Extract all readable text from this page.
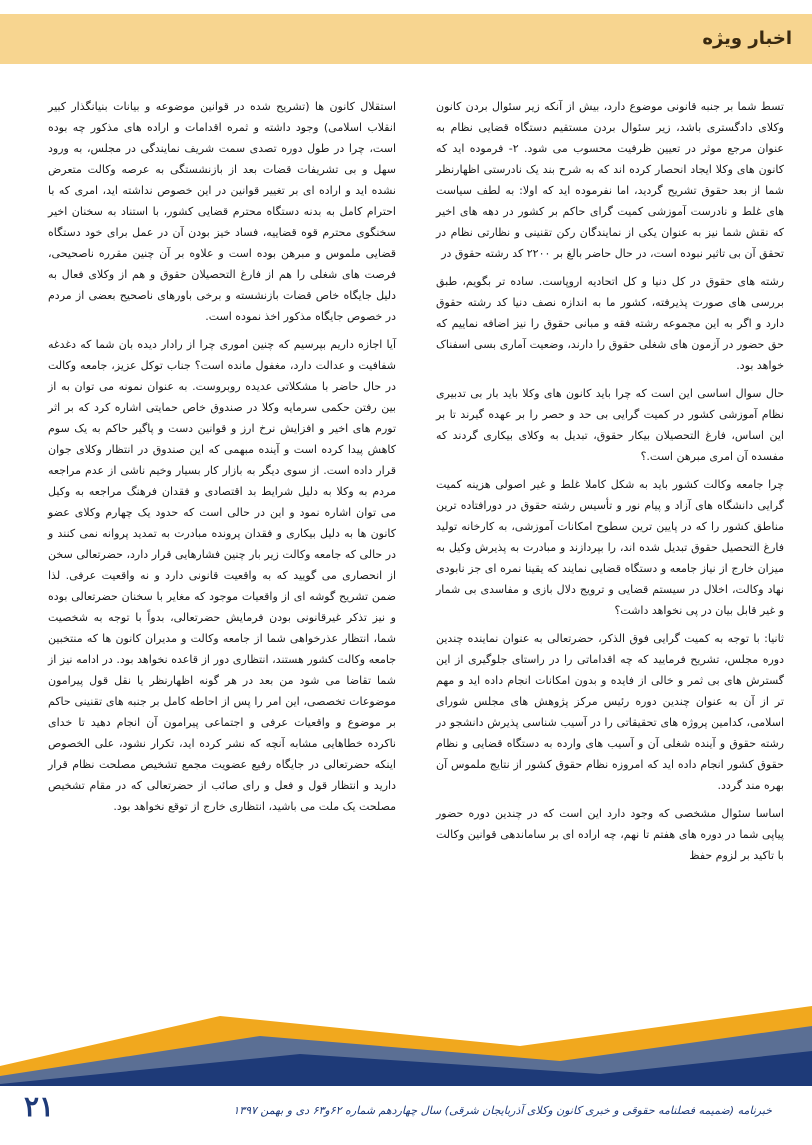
اخبار ویژه

تسط شما بر جنبه قانونی موضوع دارد، بیش از آنکه زیر سئوال بردن کانون وکلای دادگستری باشد، زیر سئوال بردن مستقیم دستگاه قضایی نظام به عنوان مرجع موثر در تعیین ظرفیت محسوب می شود. ۲- فرموده اید که کانون های وکلا ایجاد انحصار کرده اند که به شرح بند یک نادرستی اظهارنظر شما از بعد حقوق تشریح گردید، اما نفرموده اید که اولا: به لطف سیاست های غلط و نادرست آموزشی کمیت گرای حاکم بر کشور در دهه های اخیر که نقش شما نیز به عنوان یکی از نمایندگان رکن تقنینی و نظارتی نظام در تحقق آن بی تاثیر نبوده است، در حال حاضر بالغ بر ۲۲۰۰ کد رشته حقوق در

رشته های حقوق در کل دنیا و کل اتحادیه اروپاست. ساده تر بگویم، طبق بررسی های صورت پذیرفته، کشور ما به اندازه نصف دنیا کد رشته حقوق دارد و اگر به این مجموعه رشته فقه و مبانی حقوق را نیز اضافه نماییم که حق حضور در آزمون های شغلی حقوق را دارند، وضعیت آماری بسی اسفناک خواهد بود.

حال سوال اساسی این است که چرا باید کانون های وکلا باید بار بی تدبیری نظام آموزشی کشور در کمیت گرایی بی حد و حصر را بر عهده گیرند تا بر این اساس، فارغ التحصیلان بیکار حقوق، تبدیل به وکلای بیکاری گردند که مفسده آن امری مبرهن است.؟

چرا جامعه وکالت کشور باید به شکل کاملا غلط و غیر اصولی هزینه کمیت گرایی دانشگاه های آزاد و پیام نور و تأسیس رشته حقوق در دورافتاده ترین مناطق کشور را که در پایین ترین سطوح امکانات آموزشی، به کارخانه تولید فارغ التحصیل حقوق تبدیل شده اند، را بپردازند و مبادرت به پذیرش وکیل به میزان خارج از نیاز جامعه و دستگاه قضایی نمایند که یقینا نمره ای جز نابودی نهاد وکالت، اخلال در سیستم قضایی و ترویج دلال بازی و مفاسدی بی شمار و غیر قابل بیان در پی نخواهد داشت؟

ثانیا: با توجه به کمیت گرایی فوق الذکر، حضرتعالی به عنوان نماینده چندین دوره مجلس، تشریح فرمایید که چه اقداماتی را در راستای جلوگیری از این گسترش های بی ثمر و خالی از فایده و بدون امکانات انجام داده اید و مهم تر از آن به عنوان چندین دوره رئیس مرکز پژوهش های مجلس شورای اسلامی، کدامین پروژه های تحقیقاتی را در آسیب شناسی پذیرش دانشجو در رشته حقوق و آینده شغلی آن و آسیب های وارده به دستگاه قضایی و نظام حقوق کشور انجام داده اید که امروزه نظام حقوق کشور از نتایج ملموس آن بهره مند گردد.

اساسا سئوال مشخصی که وجود دارد این است که در چندین دوره حضور پیاپی شما در دوره های هفتم تا نهم، چه اراده ای بر ساماندهی قوانین وکالت با تاکید بر لزوم حفظ

استقلال کانون ها (تشریح شده در قوانین موضوعه و بیانات بنیانگذار کبیر انقلاب اسلامی) وجود داشته و ثمره اقدامات و اراده های مذکور چه بوده است، چرا در طول دوره تصدی سمت شریف نمایندگی در مجلس، به ورود سهل و بی تشریفات قضات بعد از بازنشستگی به عرصه وکالت متعرض نشده اید و اراده ای بر تغییر قوانین در این خصوص نداشته اید، امری که با احترام کامل به بدنه دستگاه محترم قضایی کشور، با استناد به سخنان اخیر سخنگوی محترم قوه قضاییه، فساد خیز بودن آن در عمل برای خود دستگاه قضایی ملموس و مبرهن بوده است و علاوه بر آن چنین مقرره ناصحیحی، فرصت های شغلی را هم از فارغ التحصیلان حقوق و هم از وکلای فعال به دلیل جایگاه خاص قضات بازنشسته و برخی باورهای ناصحیح بعضی از مردم در خصوص جایگاه مذکور اخذ نموده است.

آیا اجازه داریم بپرسیم که چنین اموری چرا از رادار دیده بان شما که دغدغه شفافیت و عدالت دارد، مغفول مانده است؟ جناب توکل عزیز، جامعه وکالت در حال حاضر با مشکلاتی عدیده روبروست. به عنوان نمونه می توان به از بین رفتن حکمی سرمایه وکلا در صندوق خاص حمایتی اشاره کرد که بر اثر تورم های اخیر و افزایش نرخ ارز و قوانین دست و پاگیر حاکم به یک سوم کاهش پیدا کرده است و آینده مبهمی که این صندوق در انتظار وکلای جوان قرار داده است. از سوی دیگر به بازار کار بسیار وخیم ناشی از عدم مراجعه مردم به وکلا به دلیل شرایط بد اقتصادی و فقدان فرهنگ مراجعه به وکیل می توان اشاره نمود و این در حالی است که حدود یک چهارم وکلای عضو کانون ها به دلیل بیکاری و فقدان پرونده مبادرت به تمدید پروانه نمی کنند و در حالی که جامعه وکالت زیر بار چنین فشارهایی قرار دارد، حضرتعالی سخن از انحصاری می گویید که به واقعیت قانونی دارد و نه واقعیت عرفی. لذا ضمن تشریح گوشه ای از واقعیات موجود که مغایر با سخنان حضرتعالی بوده و نیز تذکر غیرقانونی بودن فرمایش حضرتعالی، بدواً با توجه به شخصیت شما، انتظار عذرخواهی شما از جامعه وکالت و مدیران کانون ها که منتخبین جامعه وکالت کشور هستند، انتظاری دور از قاعده نخواهد بود. در ادامه نیز از شما تقاضا می شود من بعد در هر گونه اظهارنظر یا نقل قول پیرامون موضوعات تخصصی، این امر را پس از احاطه کامل بر جنبه های تقنینی حاکم بر موضوع و واقعیات عرفی و اجتماعی پیرامون آن انجام دهید تا خدای ناکرده خطاهایی مشابه آنچه که نشر کرده اید، تکرار نشود، علی الخصوص اینکه حضرتعالی در جایگاه رفیع عضویت مجمع تشخیص مصلحت نظام قرار دارید و انتظار قول و فعل و رای صائب از حضرتعالی که در مقام تشخیص مصلحت یک ملت می باشید، انتظاری خارج از توقع نخواهد بود.

۲۱	خبرنامه (ضمیمه فصلنامه حقوقی و خبری کانون وکلای آذربایجان شرقی) سال چهاردهم شماره ۶۲و۶۳ دی و بهمن ۱۳۹۷
